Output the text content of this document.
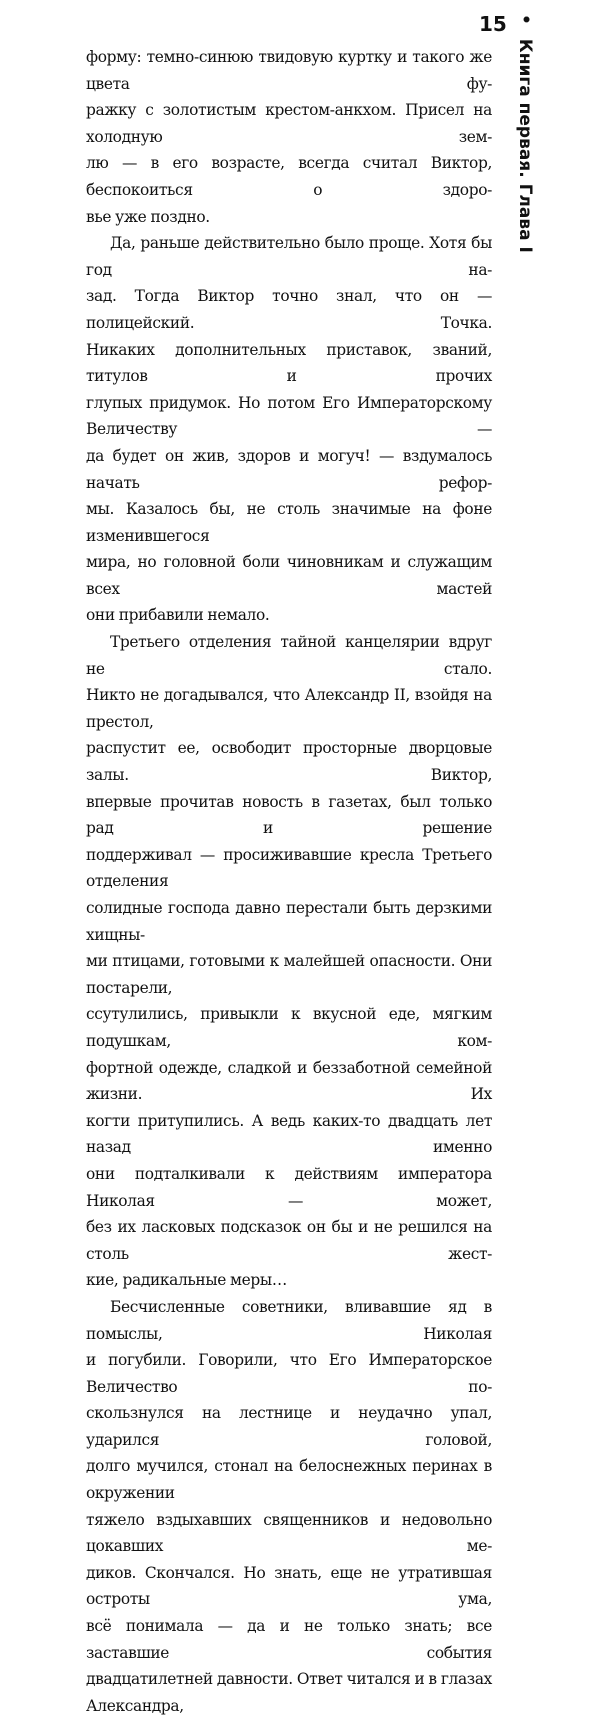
15 • Книга первая. Глава I

форму: темно-синюю твидовую куртку и такого же цвета фу-

ражку с золотистым крестом-анкхом. Присел на холодную зем-

лю — в его возрасте, всегда считал Виктор, беспокоиться о здоро-

вье уже поздно.

Да, раньше действительно было проще. Хотя бы год на-

зад. Тогда Виктор точно знал, что он — полицейский. Точка.

Никаких дополнительных приставок, званий, титулов и прочих

глупых придумок. Но потом Его Императорскому Величеству —

да будет он жив, здоров и могуч! — вздумалось начать рефор-

мы. Казалось бы, не столь значимые на фоне изменившегося

мира, но головной боли чиновникам и служащим всех мастей

они прибавили немало.

Третьего отделения тайной канцелярии вдруг не стало.

Никто не догадывался, что Александр II, взойдя на престол,

распустит ее, освободит просторные дворцовые залы. Виктор,

впервые прочитав новость в газетах, был только рад и решение

поддерживал — просиживавшие кресла Третьего отделения

солидные господа давно перестали быть дерзкими хищны-

ми птицами, готовыми к малейшей опасности. Они постарели,

ссутулились, привыкли к вкусной еде, мягким подушкам, ком-

фортной одежде, сладкой и беззаботной семейной жизни. Их

когти притупились. А ведь каких-то двадцать лет назад именно

они подталкивали к действиям императора Николая — может,

без их ласковых подсказок он бы и не решился на столь жест-

кие, радикальные меры…

Бесчисленные советники, вливавшие яд в помыслы, Николая

и погубили. Говорили, что Его Императорское Величество по-

скользнулся на лестнице и неудачно упал, ударился головой,

долго мучился, стонал на белоснежных перинах в окружении

тяжело вздыхавших священников и недовольно цокавших ме-

диков. Скончался. Но знать, еще не утратившая остроты ума,

всё понимала — да и не только знать; все заставшие события

двадцатилетней давности. Ответ читался и в глазах Александра,
